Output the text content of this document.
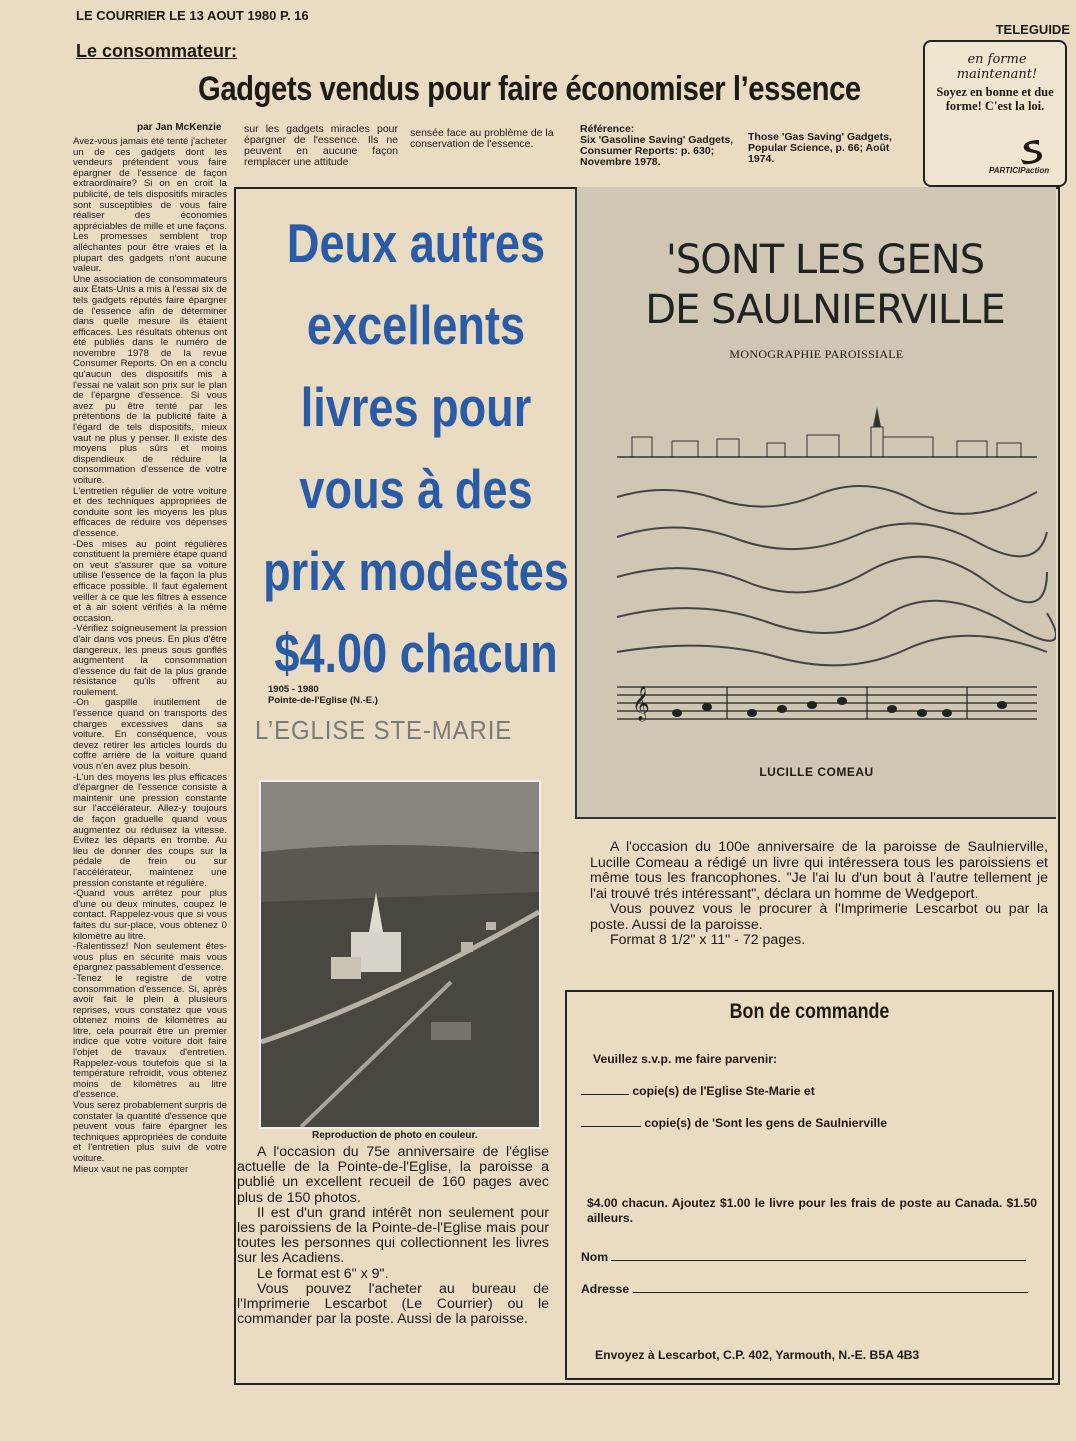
LE COURRIER LE 13 AOUT 1980 P. 16
TELEGUIDE
Le consommateur:
Gadgets vendus pour faire économiser l’essence
par Jan McKenzie

Avez-vous jamais été tenté j'acheter un de ces gadgets dont les vendeurs prétendent vous faire épargner de l'essence de façon extraordinaire? Si on en croit la publicité, de tels dispositifs miracles sont susceptibles de vous faire réaliser des économies appréciables de mille et une façons. Les promesses semblent trop alléchantes pour être vraies et la plupart des gadgets n'ont aucune valeur.

Une association de consommateurs aux Etats-Unis a mis à l'essai six de tels gadgets réputés faire épargner de l'essence afin de déterminer dans quelle mesure ils étaient efficaces. Les résultats obtenus ont été publiés dans le numéro de novembre 1978 de la revue Consumer Reports. On en a conclu qu'aucun des dispositifs mis à l'essai ne valait son prix sur le plan de l'épargne d'essence. Si vous avez pu être tenté par les prétentions de la publicité faite à l'égard de tels dispositifs, mieux vaut ne plus y penser. Il existe des moyens plus sûrs et moins dispendieux de réduire la consommation d'essence de votre voiture.

L'entretien régulier de votre voiture et des techniques appropriées de conduite sont les moyens les plus efficaces de réduire vos dépenses d'essence.

-Des mises au point régulières constituent la première étape quand on veut s'assurer que sa voiture utilise l'essence de la façon la plus efficace possible. Il faut également veiller à ce que les filtres à essence et à air soient vérifiés à la même occasion.

-Vérifiez soigneusement la pression d'air dans vos pneus. En plus d'être dangereux, les pneus sous gonflés augmentent la consommation d'essence du fait de la plus grande résistance qu'ils offrent au roulement.

-On gaspille inutilement de l'essence quand on transports des charges excessives dans sa voiture. En conséquence, vous devez retirer les articles lourds du coffre arrière de la voiture quand vous n'en avez plus besoin.

-L'un des moyens les plus efficaces d'épargner de l'essence consiste à maintenir une pression constante sur l'accélérateur. Allez-y toujours de façon graduelle quand vous augmentez ou réduisez la vitesse. Evitez les départs en trombe. Au lieu de donner des coups sur la pédale de frein ou sur l'accélérateur, maintenez une pression constante et régulière.

-Quand vous arrêtez pour plus d'une ou deux minutes, coupez le contact. Rappelez-vous que si vous faites du sur-place, vous obtenez 0 kilomètre au litre.

-Ralentissez! Non seulement êtes-vous plus en sécurité mais vous épargnez passablement d'essence.

-Tenez le registre de votre consommation d'essence. Si, après avoir fait le plein à plusieurs reprises, vous constatez que vous obtenez moins de kilomètres au litre, cela pourrait être un premier indice que votre voiture doit faire l'objet de travaux d'entretien. Rappelez-vous toutefois que si la température refroidit, vous obtenez moins de kilomètres au litre d'essence.

Vous serez probablement surpris de constater la quantité d'essence que peuvent vous faire épargner les techniques appropriées de conduite et l'entretien plus suivi de votre voiture.

Mieux vaut ne pas compter

sur les gadgets miracles pour épargner de l'essence. Ils ne peuvent en aucune façon remplacer une attitude
sensée face au problème de la conservation de l'essence.
Référence:
Six 'Gasoline Saving' Gadgets, Consumer Reports: p. 630; Novembre 1978.
Those 'Gas Saving' Gadgets, Popular Science, p. 66; Août 1974.
en forme maintenant!
Soyez en bonne et due forme! C'est la loi.
PARTICIPaction
Deux autres
excellents
livres pour
vous à des
prix modestes
$4.00 chacun
'SONT LES GENS
DE SAULNIERVILLE
MONOGRAPHIE PAROISSIALE
𝄞
LUCILLE COMEAU
1905 - 1980
Pointe-de-l'Eglise (N.-E.)
L’EGLISE STE-MARIE
Reproduction de photo en couleur.

A l'occasion du 75e anniversaire de l'église actuelle de la Pointe-de-l'Eglise, la paroisse a publié un excellent recueil de 160 pages avec plus de 150 photos.

Il est d'un grand intérêt non seulement pour les paroissiens de la Pointe-de-l'Eglise mais pour toutes les personnes qui collectionnent les livres sur les Acadiens.

Le format est 6" x 9".

Vous pouvez l'acheter au bureau de l'Imprimerie Lescarbot (Le Courrier) ou le commander par la poste. Aussi de la paroisse.

A l'occasion du 100e anniversaire de la paroisse de Saulnierville, Lucille Comeau a rédigé un livre qui intéressera tous les paroissiens et même tous les francophones. "Je l'ai lu d'un bout à l'autre tellement je l'ai trouvé trés intéressant", déclara un homme de Wedgeport.

Vous pouvez vous le procurer à l'Imprimerie Lescarbot ou par la poste. Aussi de la paroisse.

Format 8 1/2" x 11" - 72 pages.

Bon de commande
Veuillez s.v.p. me faire parvenir:
copie(s) de l'Eglise Ste-Marie et
copie(s) de 'Sont les gens de Saulnierville
$4.00 chacun. Ajoutez $1.00 le livre pour les frais de poste au Canada. $1.50 ailleurs.
Nom
Adresse
Envoyez à Lescarbot, C.P. 402, Yarmouth, N.-E. B5A 4B3
